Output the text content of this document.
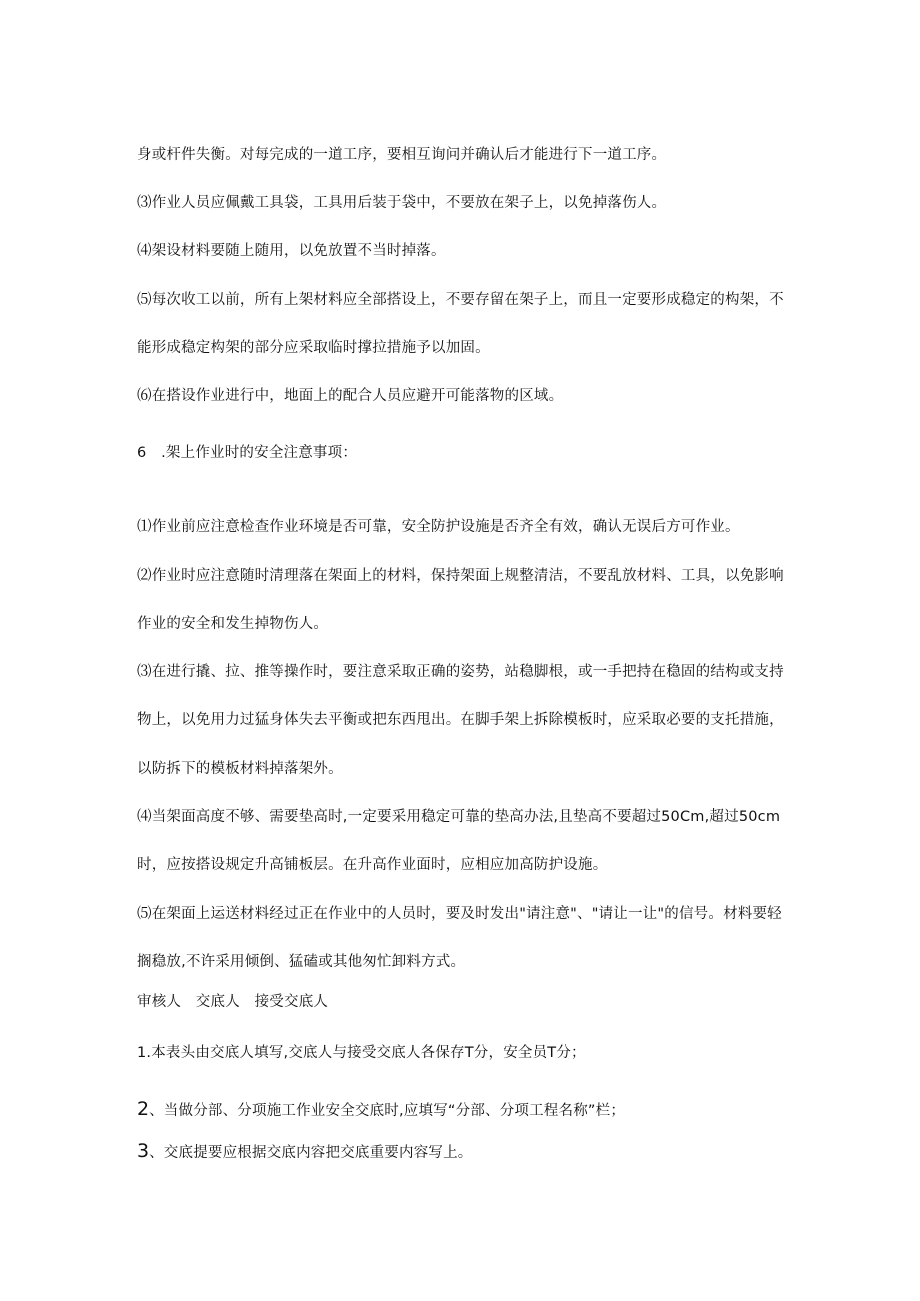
身或杆件失衡。对每完成的一道工序，要相互询问并确认后才能进行下一道工序。
⑶作业人员应佩戴工具袋，工具用后装于袋中，不要放在架子上，以免掉落伤人。
⑷架设材料要随上随用，以免放置不当时掉落。
⑸每次收工以前，所有上架材料应全部搭设上，不要存留在架子上，而且一定要形成稳定的构架，不
能形成稳定构架的部分应采取临时撑拉措施予以加固。
⑹在搭设作业进行中，地面上的配合人员应避开可能落物的区域。
6　.架上作业时的安全注意事项：
⑴作业前应注意检查作业环境是否可靠，安全防护设施是否齐全有效，确认无误后方可作业。
⑵作业时应注意随时清理落在架面上的材料，保持架面上规整清洁，不要乱放材料、工具，以免影响
作业的安全和发生掉物伤人。
⑶在进行撬、拉、推等操作时，要注意采取正确的姿势，站稳脚根，或一手把持在稳固的结构或支持
物上，以免用力过猛身体失去平衡或把东西甩出。在脚手架上拆除模板时，应采取必要的支托措施，
以防拆下的模板材料掉落架外。
⑷当架面高度不够、需要垫高时,一定要采用稳定可靠的垫高办法,且垫高不要超过50Cm,超过50cm
时，应按搭设规定升高铺板层。在升高作业面时，应相应加高防护设施。
⑸在架面上运送材料经过正在作业中的人员时，要及时发出"请注意"、"请让一让"的信号。材料要轻
搁稳放,不许采用倾倒、猛磕或其他匆忙卸料方式。
审核人　交底人　接受交底人
1.本表头由交底人填写,交底人与接受交底人各保存T分，安全员T分；
2、当做分部、分项施工作业安全交底时,应填写“分部、分项工程名称”栏；
3、交底提要应根据交底内容把交底重要内容写上。
